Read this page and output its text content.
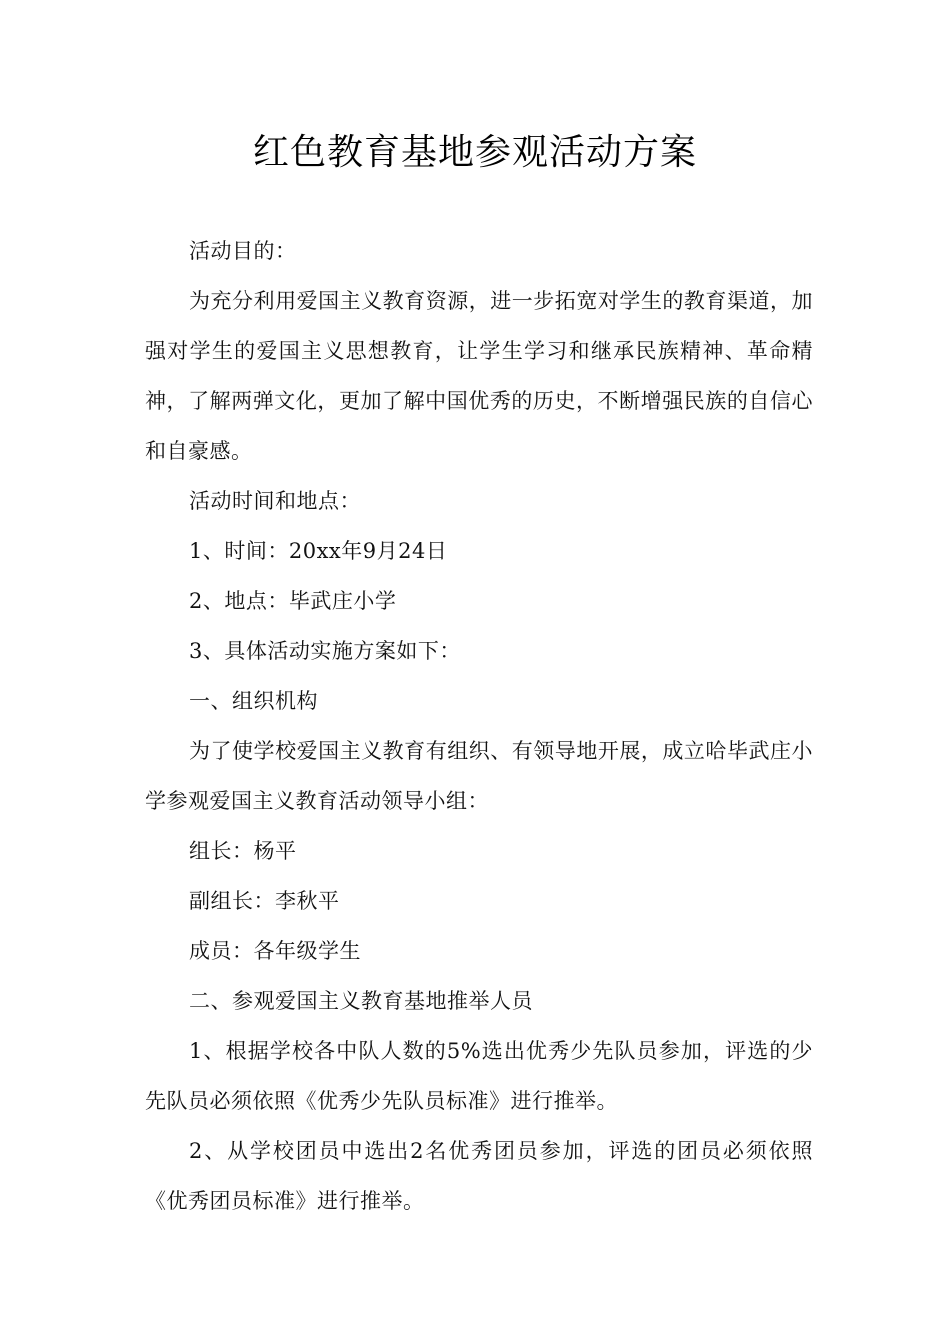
红色教育基地参观活动方案

活动目的：

为充分利用爱国主义教育资源，进一步拓宽对学生的教育渠道，加强对学生的爱国主义思想教育，让学生学习和继承民族精神、革命精神，了解两弹文化，更加了解中国优秀的历史，不断增强民族的自信心和自豪感。

活动时间和地点：

1、时间：20xx年9月24日

2、地点：毕武庄小学

3、具体活动实施方案如下：

一、组织机构

为了使学校爱国主义教育有组织、有领导地开展，成立哈毕武庄小学参观爱国主义教育活动领导小组：

组长：杨平

副组长：李秋平

成员：各年级学生

二、参观爱国主义教育基地推举人员

1、根据学校各中队人数的5%选出优秀少先队员参加，评选的少先队员必须依照《优秀少先队员标准》进行推举。

2、从学校团员中选出2名优秀团员参加，评选的团员必须依照《优秀团员标准》进行推举。
